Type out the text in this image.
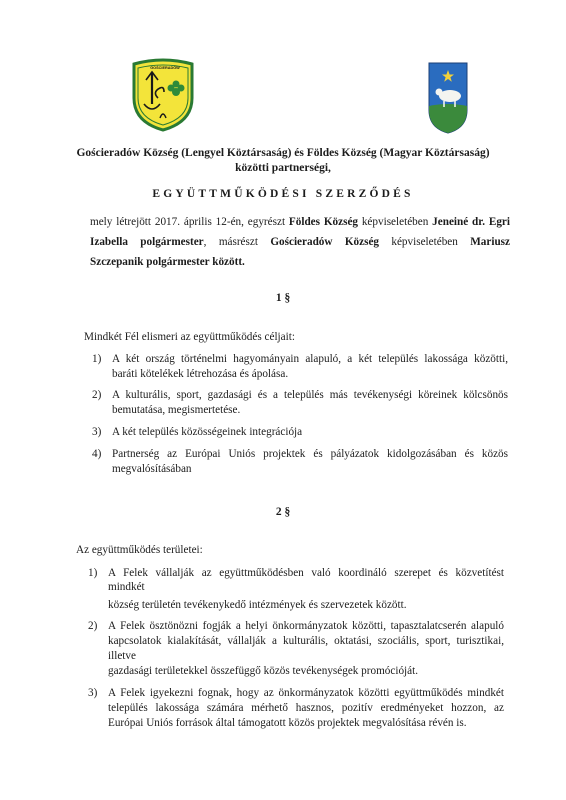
GOŚCIERADÓW
Gościeradów Község (Lengyel Köztársaság) és Földes Község (Magyar Köztársaság)
közötti partnerségi,
EGYÜTTMŰKÖDÉSI SZERZŐDÉS
mely létrejött 2017. április 12-én, egyrészt Földes Község képviseletében Jeneiné dr. Egri
Izabella polgármester, másrészt Gościeradów Község képviseletében Mariusz
Szczepanik polgármester között.
1 §
Mindkét Fél elismeri az együttműködés céljait:
1) A két ország történelmi hagyományain alapuló, a két település lakossága közötti,
baráti kötelékek létrehozása és ápolása.
2) A kulturális, sport, gazdasági és a település más tevékenységi köreinek kölcsönös
bemutatása, megismertetése.
3) A két település közösségeinek integrációja
4) Partnerség az Európai Uniós projektek és pályázatok kidolgozásában és közös
megvalósításában
2 §
Az együttműködés területei:
1) A Felek vállalják az együttműködésben való koordináló szerepet és közvetítést
mindkét
község területén tevékenykedő intézmények és szervezetek között.
2) A Felek ösztönözni fogják a helyi önkormányzatok közötti, tapasztalatcserén alapuló
kapcsolatok kialakítását, vállalják a kulturális, oktatási, szociális, sport, turisztikai,
illetve
gazdasági területekkel összefüggő közös tevékenységek promócióját.
3) A Felek igyekezni fognak, hogy az önkormányzatok közötti együttműködés mindkét
település lakossága számára mérhető hasznos, pozitív eredményeket hozzon, az
Európai Uniós források által támogatott közös projektek megvalósítása révén is.
